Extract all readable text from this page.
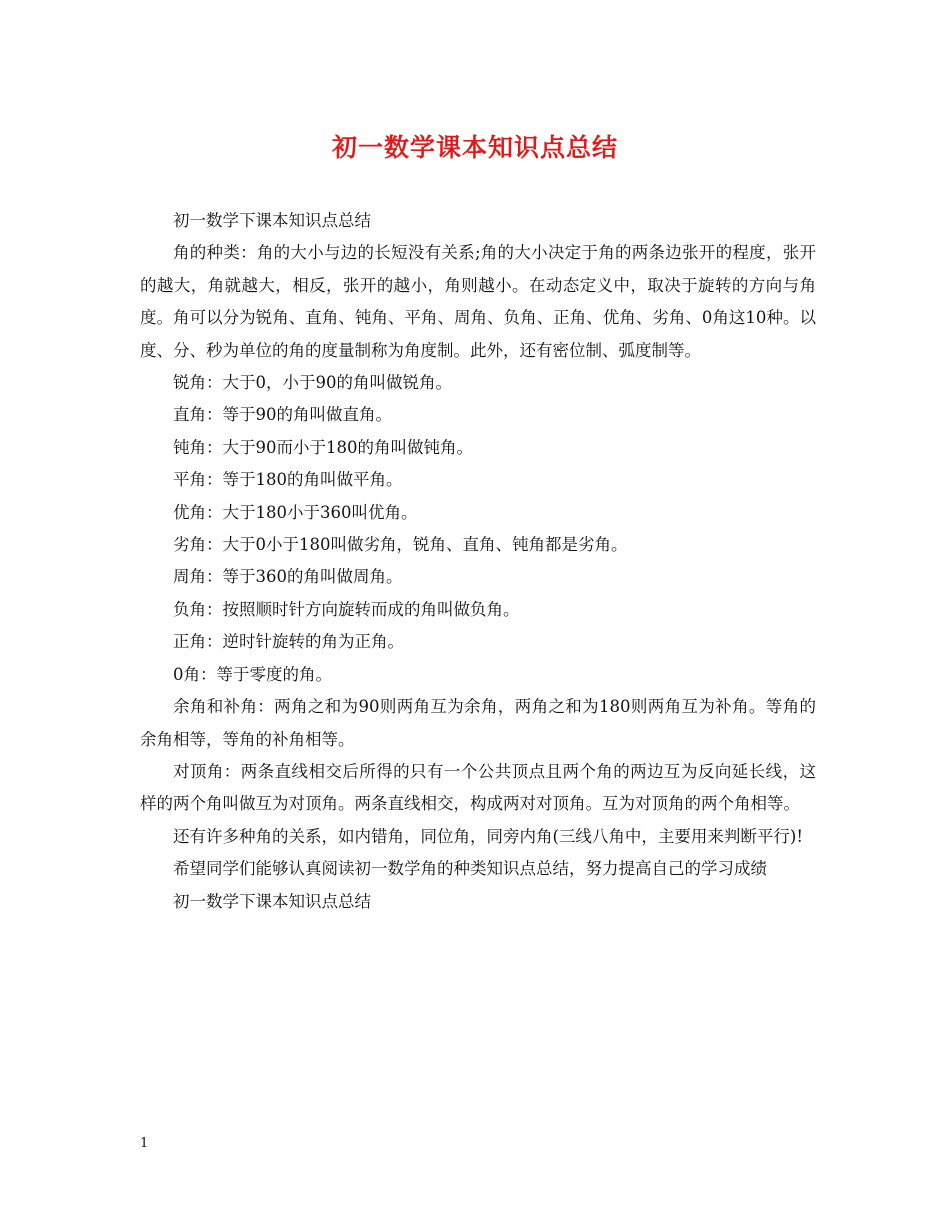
初一数学课本知识点总结

初一数学下课本知识点总结

角的种类：角的大小与边的长短没有关系;角的大小决定于角的两条边张开的程度，张开的越大，角就越大，相反，张开的越小，角则越小。在动态定义中，取决于旋转的方向与角度。角可以分为锐角、直角、钝角、平角、周角、负角、正角、优角、劣角、0角这10种。以度、分、秒为单位的角的度量制称为角度制。此外，还有密位制、弧度制等。

锐角：大于0，小于90的角叫做锐角。

直角：等于90的角叫做直角。

钝角：大于90而小于180的角叫做钝角。

平角：等于180的角叫做平角。

优角：大于180小于360叫优角。

劣角：大于0小于180叫做劣角，锐角、直角、钝角都是劣角。

周角：等于360的角叫做周角。

负角：按照顺时针方向旋转而成的角叫做负角。

正角：逆时针旋转的角为正角。

0角：等于零度的角。

余角和补角：两角之和为90则两角互为余角，两角之和为180则两角互为补角。等角的余角相等，等角的补角相等。

对顶角：两条直线相交后所得的只有一个公共顶点且两个角的两边互为反向延长线，这样的两个角叫做互为对顶角。两条直线相交，构成两对对顶角。互为对顶角的两个角相等。

还有许多种角的关系，如内错角，同位角，同旁内角(三线八角中，主要用来判断平行)!

希望同学们能够认真阅读初一数学角的种类知识点总结，努力提高自己的学习成绩

初一数学下课本知识点总结

1
